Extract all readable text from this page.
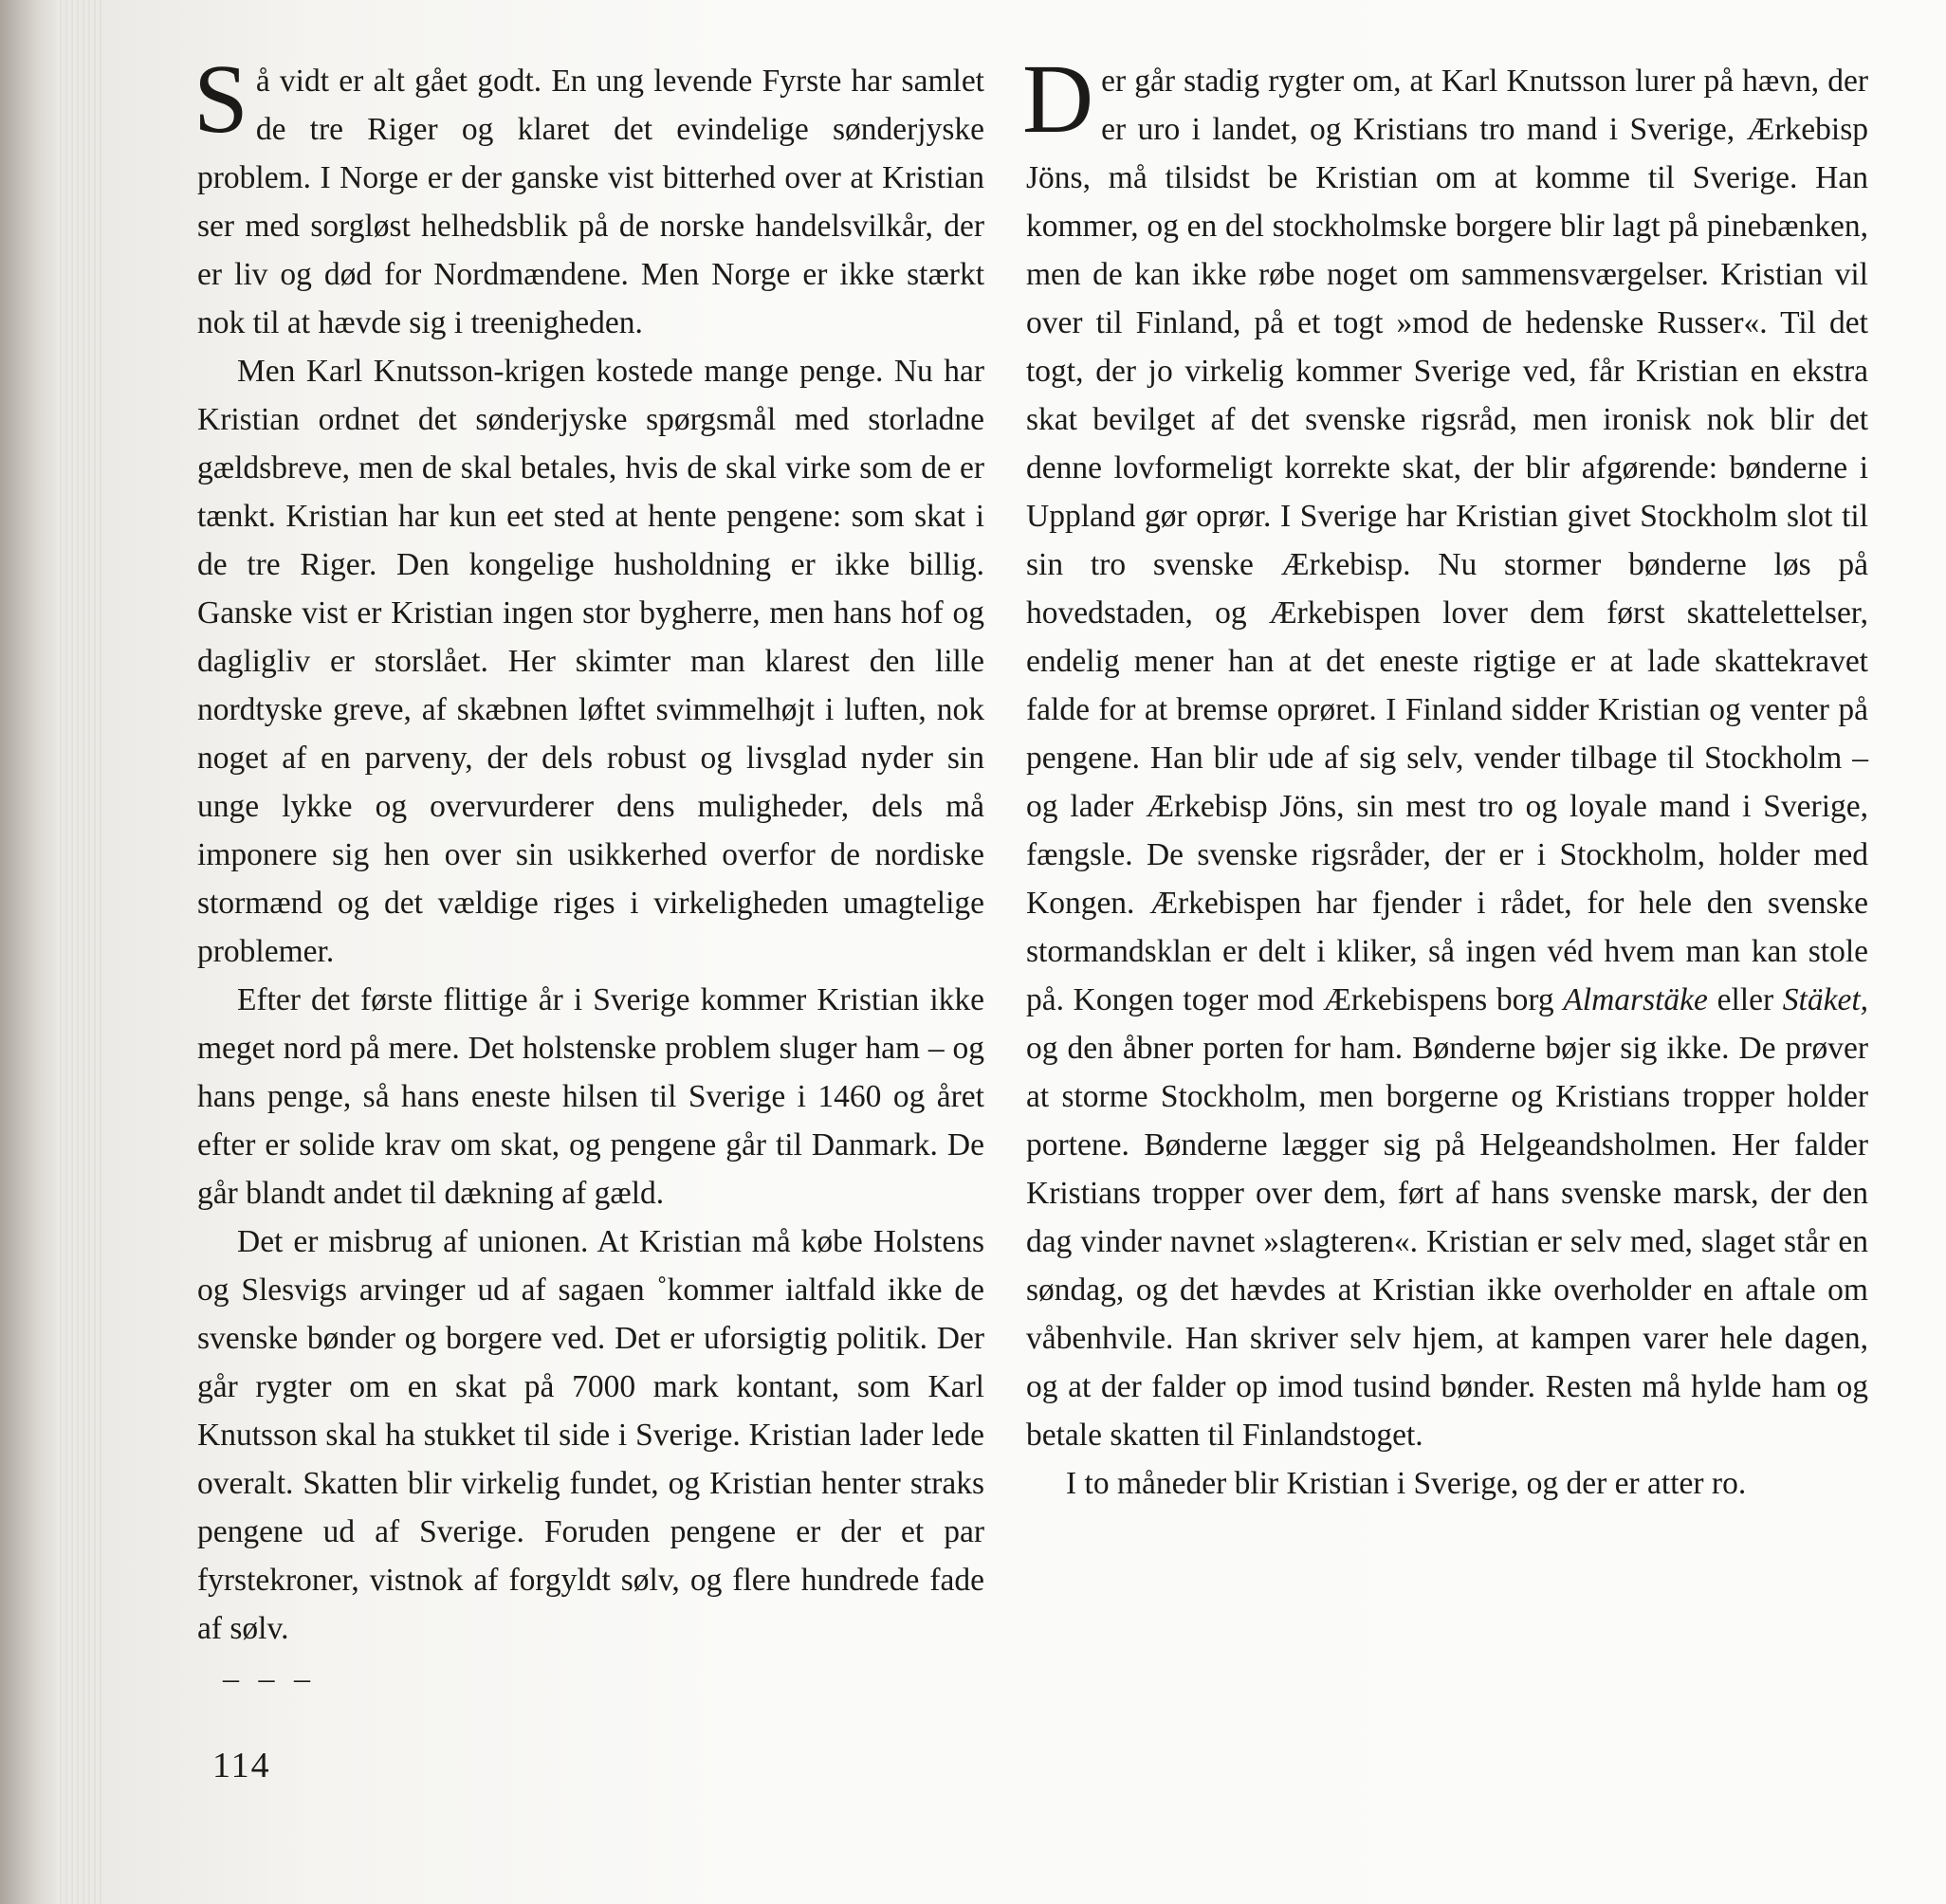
Så vidt er alt gået godt. En ung levende Fyrste har samlet de tre Riger og klaret det evindelige sønderjyske problem. I Norge er der ganske vist bitterhed over at Kristian ser med sorgløst helhedsblik på de norske handelsvilkår, der er liv og død for Nordmændene. Men Norge er ikke stærkt nok til at hævde sig i treenigheden.

Men Karl Knutsson-krigen kostede mange penge. Nu har Kristian ordnet det sønderjyske spørgsmål med storladne gældsbreve, men de skal betales, hvis de skal virke som de er tænkt. Kristian har kun eet sted at hente pengene: som skat i de tre Riger. Den kongelige husholdning er ikke billig. Ganske vist er Kristian ingen stor bygherre, men hans hof og dagligliv er storslået. Her skimter man klarest den lille nordtyske greve, af skæbnen løftet svimmelhøjt i luften, nok noget af en parveny, der dels robust og livsglad nyder sin unge lykke og overvurderer dens muligheder, dels må imponere sig hen over sin usikkerhed overfor de nordiske stormænd og det vældige riges i virkeligheden umagtelige problemer.

Efter det første flittige år i Sverige kommer Kristian ikke meget nord på mere. Det holstenske problem sluger ham – og hans penge, så hans eneste hilsen til Sverige i 1460 og året efter er solide krav om skat, og pengene går til Danmark. De går blandt andet til dækning af gæld.

Det er misbrug af unionen. At Kristian må købe Holstens og Slesvigs arvinger ud af sagaen ˚kommer ialtfald ikke de svenske bønder og borgere ved. Det er uforsigtig politik. Der går rygter om en skat på 7000 mark kontant, som Karl Knutsson skal ha stukket til side i Sverige. Kristian lader lede overalt. Skatten blir virkelig fundet, og Kristian henter straks pengene ud af Sverige. Foruden pengene er der et par fyrstekroner, vistnok af forgyldt sølv, og flere hundrede fade af sølv.

– – –
114

Der går stadig rygter om, at Karl Knutsson lurer på hævn, der er uro i landet, og Kristians tro mand i Sverige, Ærkebisp Jöns, må tilsidst be Kristian om at komme til Sverige. Han kommer, og en del stockholmske borgere blir lagt på pinebænken, men de kan ikke røbe noget om sammensværgelser. Kristian vil over til Finland, på et togt »mod de hedenske Russer«. Til det togt, der jo virkelig kommer Sverige ved, får Kristian en ekstra skat bevilget af det svenske rigsråd, men ironisk nok blir det denne lovformeligt korrekte skat, der blir afgørende: bønderne i Uppland gør oprør. I Sverige har Kristian givet Stockholm slot til sin tro svenske Ærkebisp. Nu stormer bønderne løs på hovedstaden, og Ærkebispen lover dem først skattelettelser, endelig mener han at det eneste rigtige er at lade skattekravet falde for at bremse oprøret. I Finland sidder Kristian og venter på pengene. Han blir ude af sig selv, vender tilbage til Stockholm – og lader Ærkebisp Jöns, sin mest tro og loyale mand i Sverige, fængsle. De svenske rigsråder, der er i Stockholm, holder med Kongen. Ærkebispen har fjender i rådet, for hele den svenske stormandsklan er delt i kliker, så ingen véd hvem man kan stole på. Kongen toger mod Ærkebispens borg Almarstäke eller Stäket, og den åbner porten for ham. Bønderne bøjer sig ikke. De prøver at storme Stockholm, men borgerne og Kristians tropper holder portene. Bønderne lægger sig på Helgeandsholmen. Her falder Kristians tropper over dem, ført af hans svenske marsk, der den dag vinder navnet »slagteren«. Kristian er selv med, slaget står en søndag, og det hævdes at Kristian ikke overholder en aftale om våbenhvile. Han skriver selv hjem, at kampen varer hele dagen, og at der falder op imod tusind bønder. Resten må hylde ham og betale skatten til Finlandstoget.

I to måneder blir Kristian i Sverige, og der er atter ro.
